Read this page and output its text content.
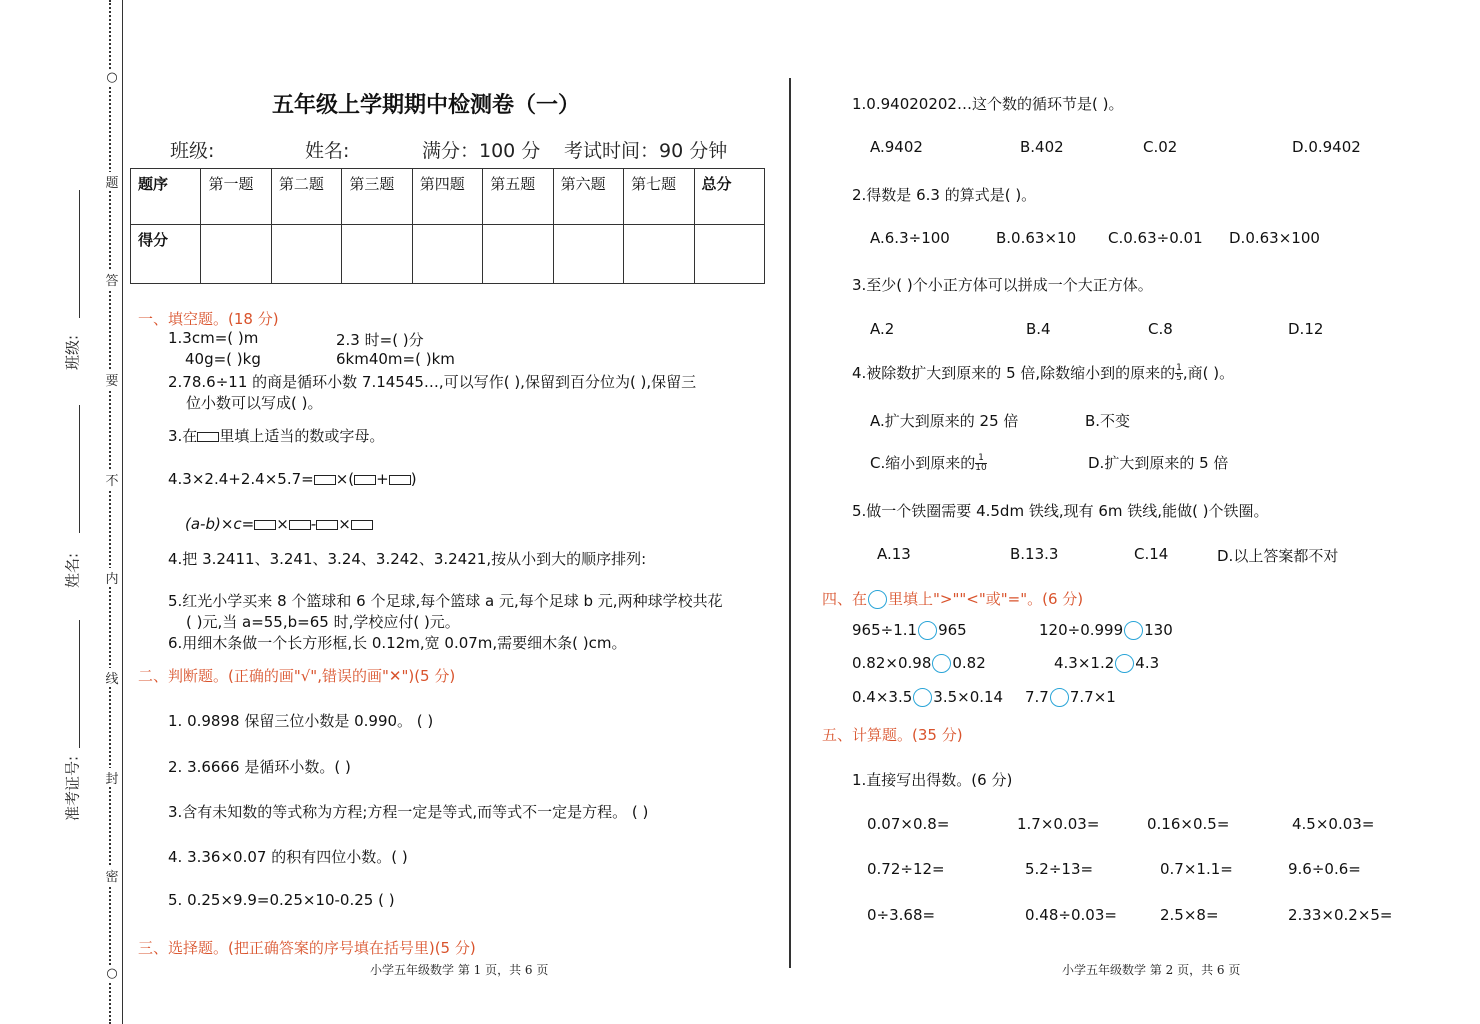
○
题
答
要
不
内
线
封
密
○
班级:
姓名:
准考证号:
五年级上学期期中检测卷（一）
班级:	姓名:	满分：100 分 考试时间：90 分钟
题序	第一题	第二题	第三题	第四题	第五题	第六题	第七题	总分
得分								
一、填空题。(18 分)
1.3cm=( )m	2.3 时=( )分
40g=( )kg	6km40m=( )km
2.78.6÷11 的商是循环小数 7.14545…,可以写作( ),保留到百分位为( ),保留三
位小数可以写成( )。
3.在 里填上适当的数或字母。
4.3×2.4+2.4×5.7= ×( + )
(a-b)×c= × - ×
4.把 3.2411、3.241、3.24、3.242、3.2421,按从小到大的顺序排列:
5.红光小学买来 8 个篮球和 6 个足球,每个篮球 a 元,每个足球 b 元,两种球学校共花
( )元,当 a=55,b=65 时,学校应付( )元。
6.用细木条做一个长方形框,长 0.12m,宽 0.07m,需要细木条( )cm。
二、判断题。(正确的画"√",错误的画"✕")(5 分)
1. 0.9898 保留三位小数是 0.990。 ( )
2. 3.6666 是循环小数。( )
3.含有未知数的等式称为方程;方程一定是等式,而等式不一定是方程。 ( )
4. 3.36×0.07 的积有四位小数。( )
5. 0.25×9.9=0.25×10-0.25 ( )
三、选择题。(把正确答案的序号填在括号里)(5 分)
小学五年级数学 第 1 页，共 6 页
1.0.94020202…这个数的循环节是( )。
A.9402	B.402	C.02	D.0.9402
2.得数是 6.3 的算式是( )。
A.6.3÷100	B.0.63×10 C.0.63÷0.01 D.0.63×100
3.至少( )个小正方体可以拼成一个大正方体。
A.2	B.4	C.8	D.12
4.被除数扩大到原来的 5 倍,除数缩小到的原来的 $\frac{1}{5}$ ,商( )。
A.扩大到原来的 25 倍	B.不变
C.缩小到原来的 $\frac{1}{10}$	D.扩大到原来的 5 倍
5.做一个铁圈需要 4.5dm 铁线,现有 6m 铁线,能做( )个铁圈。
A.13	B.13.3	C.14	D.以上答案都不对
四、在 里填上">""<"或"="。(6 分)
965÷1.1 965	120÷0.999 130
0.82×0.98 0.82	4.3×1.2 4.3
0.4×3.5 3.5×0.14 7.7 7.7×1
五、计算题。(35 分)
1.直接写出得数。(6 分)
0.07×0.8=	1.7×0.03=	0.16×0.5=	4.5×0.03=
0.72÷12=	5.2÷13=	0.7×1.1=	9.6÷0.6=
0÷3.68=	0.48÷0.03=	2.5×8=	2.33×0.2×5=
小学五年级数学 第 2 页，共 6 页
